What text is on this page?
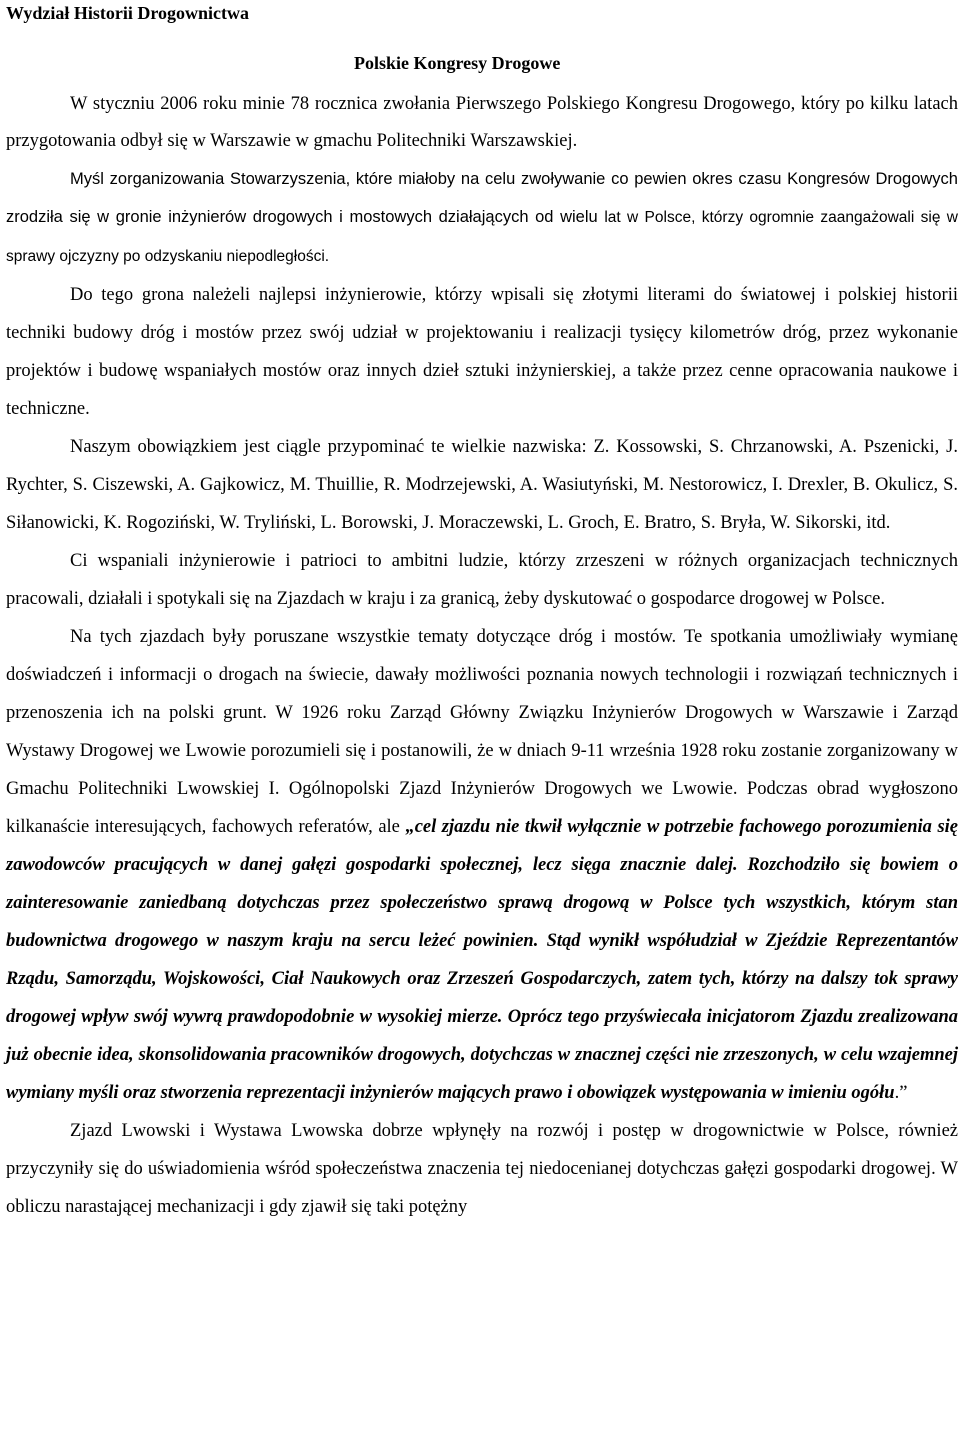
Wydział Historii Drogownictwa
Polskie Kongresy Drogowe

W styczniu 2006 roku minie 78 rocznica zwołania Pierwszego Polskiego Kongresu Drogowego, który po kilku latach przygotowania odbył się w Warszawie w gmachu Politechniki Warszawskiej.

Myśl zorganizowania Stowarzyszenia, które miałoby na celu zwoływanie co pewien okres czasu Kongresów Drogowych zrodziła się w gronie inżynierów drogowych i mostowych działających od wielu lat w Polsce, którzy ogromnie zaangażowali się w sprawy ojczyzny po odzyskaniu niepodległości.

Do tego grona należeli najlepsi inżynierowie, którzy wpisali się złotymi literami do światowej i polskiej historii techniki budowy dróg i mostów przez swój udział w projektowaniu i realizacji tysięcy kilometrów dróg, przez wykonanie projektów i budowę wspaniałych mostów oraz innych dzieł sztuki inżynierskiej, a także przez cenne opracowania naukowe i techniczne.

Naszym obowiązkiem jest ciągle przypominać te wielkie nazwiska: Z. Kossowski, S. Chrzanowski, A. Pszenicki, J. Rychter, S. Ciszewski, A. Gajkowicz, M. Thuillie, R. Modrzejewski, A. Wasiutyński, M. Nestorowicz, I. Drexler, B. Okulicz, S. Siłanowicki, K. Rogoziński, W. Tryliński, L. Borowski, J. Moraczewski, L. Groch, E. Bratro, S. Bryła, W. Sikorski, itd.

Ci wspaniali inżynierowie i patrioci to ambitni ludzie, którzy zrzeszeni w różnych organizacjach technicznych pracowali, działali i spotykali się na Zjazdach w kraju i za granicą, żeby dyskutować o gospodarce drogowej w Polsce.

Na tych zjazdach były poruszane wszystkie tematy dotyczące dróg i mostów. Te spotkania umożliwiały wymianę doświadczeń i informacji o drogach na świecie, dawały możliwości poznania nowych technologii i rozwiązań technicznych i przenoszenia ich na polski grunt. W 1926 roku Zarząd Główny Związku Inżynierów Drogowych w Warszawie i Zarząd Wystawy Drogowej we Lwowie porozumieli się i postanowili, że w dniach 9-11 września 1928 roku zostanie zorganizowany w Gmachu Politechniki Lwowskiej I. Ogólnopolski Zjazd Inżynierów Drogowych we Lwowie. Podczas obrad wygłoszono kilkanaście interesujących, fachowych referatów, ale „cel zjazdu nie tkwił wyłącznie w potrzebie fachowego porozumienia się zawodowców pracujących w danej gałęzi gospodarki społecznej, lecz sięga znacznie dalej. Rozchodziło się bowiem o zainteresowanie zaniedbaną dotychczas przez społeczeństwo sprawą drogową w Polsce tych wszystkich, którym stan budownictwa drogowego w naszym kraju na sercu leżeć powinien. Stąd wynikł współudział w Zjeździe Reprezentantów Rządu, Samorządu, Wojskowości, Ciał Naukowych oraz Zrzeszeń Gospodarczych, zatem tych, którzy na dalszy tok sprawy drogowej wpływ swój wywrą prawdopodobnie w wysokiej mierze. Oprócz tego przyświecała inicjatorom Zjazdu zrealizowana już obecnie idea, skonsolidowania pracowników drogowych, dotychczas w znacznej części nie zrzeszonych, w celu wzajemnej wymiany myśli oraz stworzenia reprezentacji inżynierów mających prawo i obowiązek występowania w imieniu ogółu.”

Zjazd Lwowski i Wystawa Lwowska dobrze wpłynęły na rozwój i postęp w drogownictwie w Polsce, również przyczyniły się do uświadomienia wśród społeczeństwa znaczenia tej niedocenianej dotychczas gałęzi gospodarki drogowej. W obliczu narastającej mechanizacji i gdy zjawił się taki potężny
